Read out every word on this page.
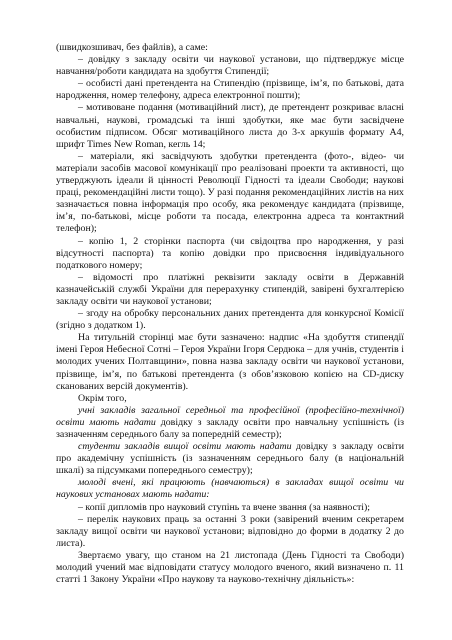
(швидкозшивач, без файлів), а саме:

– довідку з закладу освіти чи наукової установи, що підтверджує місце навчання/роботи кандидата на здобуття Стипендії;

– особисті дані претендента на Стипендію (прізвище, ім’я, по батькові, дата народження, номер телефону, адреса електронної пошти);

– мотивоване подання (мотиваційний лист), де претендент розкриває власні навчальні, наукові, громадські та інші здобутки, яке має бути засвідчене особистим підписом. Обсяг мотиваційного листа до 3-х аркушів формату А4, шрифт Times New Roman, кегль 14;

– матеріали, які засвідчують здобутки претендента (фото-, відео- чи матеріали засобів масової комунікації про реалізовані проекти та активності, що утверджують ідеали й цінності Революції Гідності та ідеали Свободи; наукові праці, рекомендаційні листи тощо). У разі подання рекомендаційних листів на них зазначається повна інформація про особу, яка рекомендує кандидата (прізвище, ім’я, по-батькові, місце роботи та посада, електронна адреса та контактний телефон);

– копію 1, 2 сторінки паспорта (чи свідоцтва про народження, у разі відсутності паспорта) та копію довідки про присвоєння індивідуального податкового номеру;

– відомості про платіжні реквізити закладу освіти в Державній казначейській службі України для перерахунку стипендій, завірені бухгалтерією закладу освіти чи наукової установи;

– згоду на обробку персональних даних претендента для конкурсної Комісії (згідно з додатком 1).

На титульній сторінці має бути зазначено: надпис «На здобуття стипендії імені Героя Небесної Сотні – Героя України Ігоря Сердюка – для учнів, студентів і молодих учених Полтавщини», повна назва закладу освіти чи наукової установи, прізвище, ім’я, по батькові претендента (з обов’язковою копією на CD-диску сканованих версій документів).

Окрім того,

учні закладів загальної середньої та професійної (професійно-технічної) освіти мають надати довідку з закладу освіти про навчальну успішність (із зазначенням середнього балу за попередній семестр);

студенти закладів вищої освіти мають надати довідку з закладу освіти про академічну успішність (із зазначенням середнього балу (в національній шкалі) за підсумками попереднього семестру);

молоді вчені, які працюють (навчаються) в закладах вищої освіти чи наукових установах мають надати:

– копії дипломів про науковий ступінь та вчене звання (за наявності);

– перелік наукових праць за останні 3 роки (завірений вченим секретарем закладу вищої освіти чи наукової установи; відповідно до форми в додатку 2 до листа).

Звертаємо увагу, що станом на 21 листопада (День Гідності та Свободи) молодий учений має відповідати статусу молодого вченого, який визначено п. 11 статті 1 Закону України «Про наукову та науково-технічну діяльність»:
